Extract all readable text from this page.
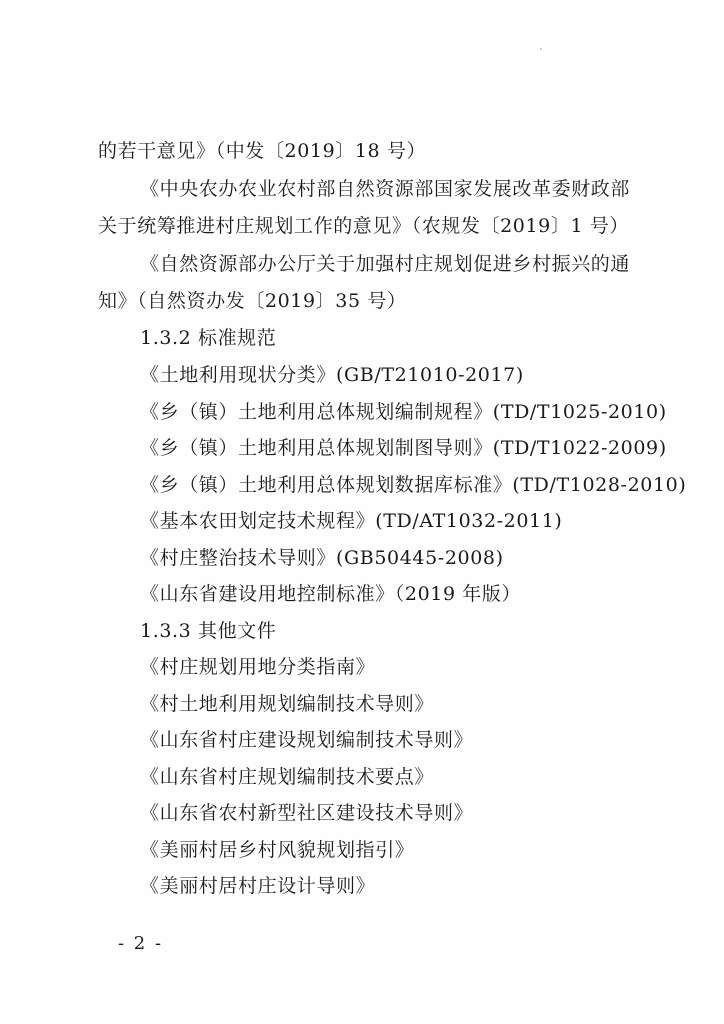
的若干意见》（中发〔2019〕18 号）
《中央农办农业农村部自然资源部国家发展改革委财政部
关于统筹推进村庄规划工作的意见》（农规发〔2019〕1 号）
《自然资源部办公厅关于加强村庄规划促进乡村振兴的通
知》（自然资办发〔2019〕35 号）
1.3.2 标准规范
《土地利用现状分类》(GB/T21010-2017)
《乡（镇）土地利用总体规划编制规程》(TD/T1025-2010)
《乡（镇）土地利用总体规划制图导则》(TD/T1022-2009)
《乡（镇）土地利用总体规划数据库标准》(TD/T1028-2010)
《基本农田划定技术规程》(TD/AT1032-2011)
《村庄整治技术导则》(GB50445-2008)
《山东省建设用地控制标准》（2019 年版）
1.3.3 其他文件
《村庄规划用地分类指南》
《村土地利用规划编制技术导则》
《山东省村庄建设规划编制技术导则》
《山东省村庄规划编制技术要点》
《山东省农村新型社区建设技术导则》
《美丽村居乡村风貌规划指引》
《美丽村居村庄设计导则》
- 2 -
